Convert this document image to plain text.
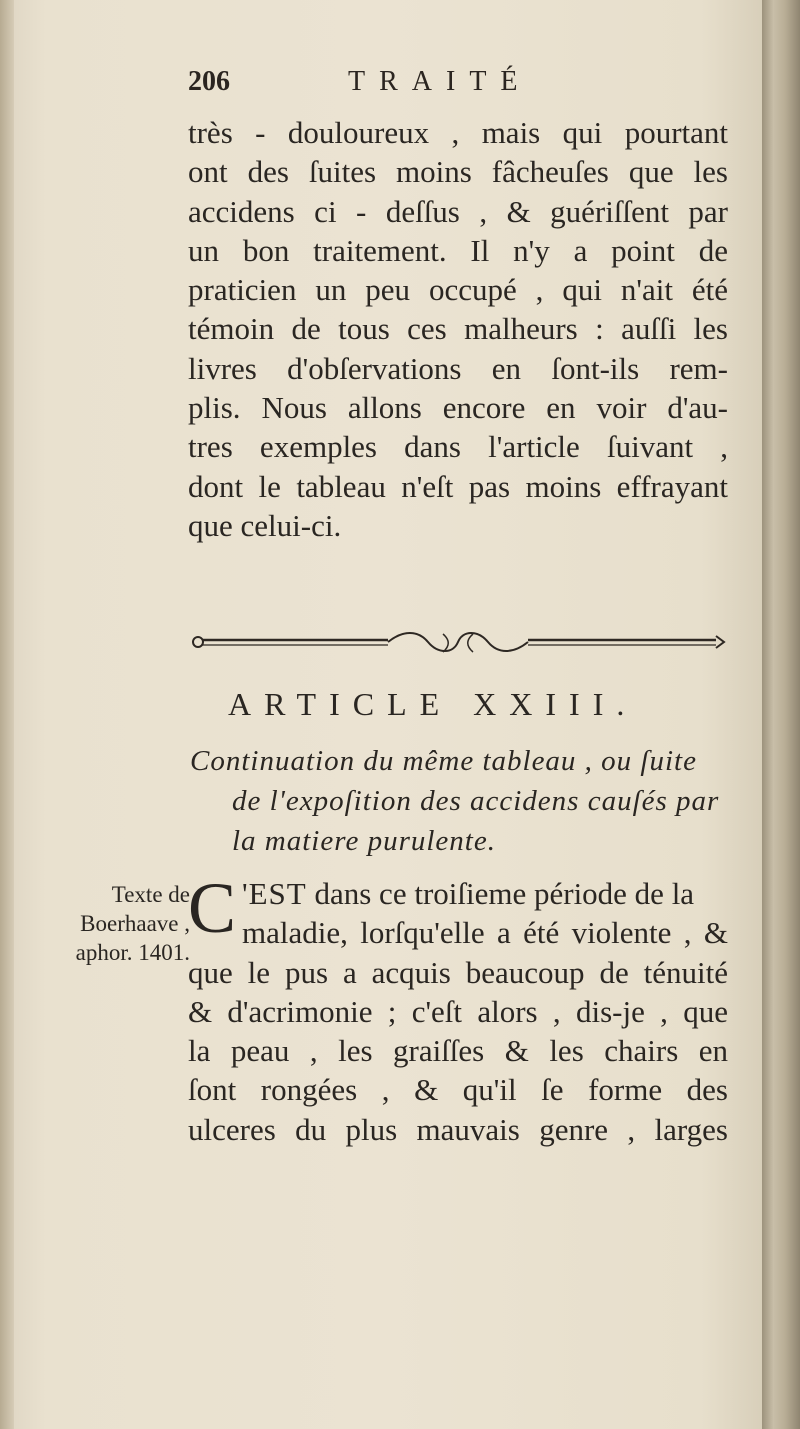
206	TRAITÉ
très - douloureux , mais qui pourtant
ont des ſuites moins fâcheuſes que les
accidens ci - deſſus , & guériſſent par
un bon traitement. Il n'y a point de
praticien un peu occupé , qui n'ait été
témoin de tous ces malheurs : auſſi les
livres d'obſervations en ſont-ils rem-
plis. Nous allons encore en voir d'au-
tres exemples dans l'article ſuivant ,
dont le tableau n'eſt pas moins effrayant
que celui-ci.
ARTICLE XXIII.
Continuation du même tableau , ou ſuite
de l'expoſition des accidens cauſés par
la matiere purulente.
Texte de
Boerhaave ,
aphor. 1401.
C 'EST dans ce troiſieme période de la
maladie, lorſqu'elle a été violente , &
que le pus a acquis beaucoup de ténuité
& d'acrimonie ; c'eſt alors , dis-je , que
la peau , les graiſſes & les chairs en
ſont rongées , & qu'il ſe forme des
ulceres du plus mauvais genre , larges
